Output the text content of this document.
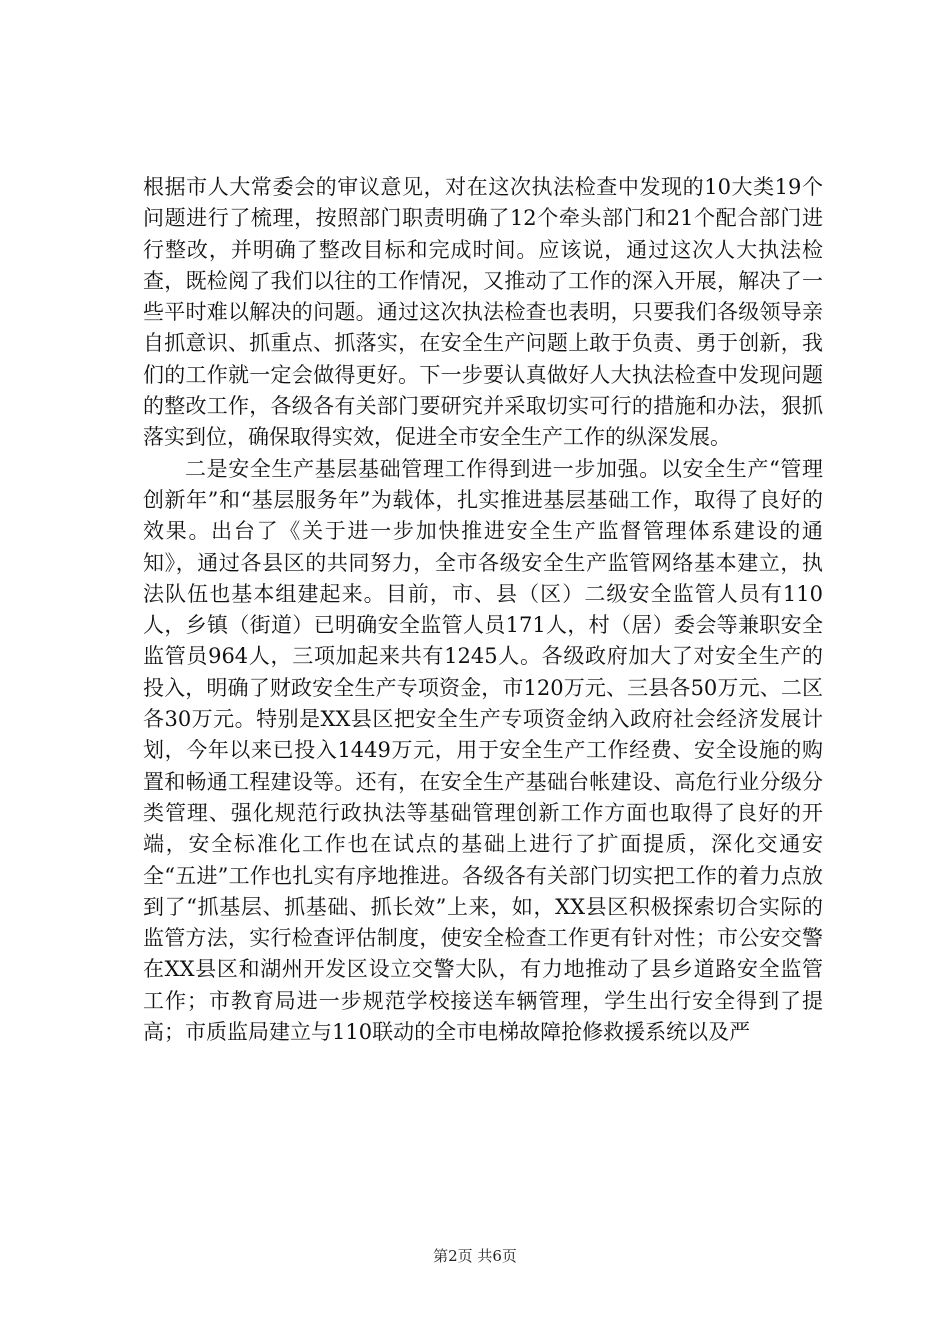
根据市人大常委会的审议意见，对在这次执法检查中发现的10大类19个问题进行了梳理，按照部门职责明确了12个牵头部门和21个配合部门进行整改，并明确了整改目标和完成时间。应该说，通过这次人大执法检查，既检阅了我们以往的工作情况，又推动了工作的深入开展，解决了一些平时难以解决的问题。通过这次执法检查也表明，只要我们各级领导亲自抓意识、抓重点、抓落实，在安全生产问题上敢于负责、勇于创新，我们的工作就一定会做得更好。下一步要认真做好人大执法检查中发现问题的整改工作，各级各有关部门要研究并采取切实可行的措施和办法，狠抓落实到位，确保取得实效，促进全市安全生产工作的纵深发展。

二是安全生产基层基础管理工作得到进一步加强。以安全生产“管理创新年”和“基层服务年”为载体，扎实推进基层基础工作，取得了良好的效果。出台了《关于进一步加快推进安全生产监督管理体系建设的通知》，通过各县区的共同努力，全市各级安全生产监管网络基本建立，执法队伍也基本组建起来。目前，市、县（区）二级安全监管人员有110人，乡镇（街道）已明确安全监管人员171人，村（居）委会等兼职安全监管员964人，三项加起来共有1245人。各级政府加大了对安全生产的投入，明确了财政安全生产专项资金，市120万元、三县各50万元、二区各30万元。特别是XX县区把安全生产专项资金纳入政府社会经济发展计划，今年以来已投入1449万元，用于安全生产工作经费、安全设施的购置和畅通工程建设等。还有，在安全生产基础台帐建设、高危行业分级分类管理、强化规范行政执法等基础管理创新工作方面也取得了良好的开端，安全标准化工作也在试点的基础上进行了扩面提质，深化交通安全“五进”工作也扎实有序地推进。各级各有关部门切实把工作的着力点放到了“抓基层、抓基础、抓长效”上来，如，XX县区积极探索切合实际的监管方法，实行检查评估制度，使安全检查工作更有针对性；市公安交警在XX县区和湖州开发区设立交警大队，有力地推动了县乡道路安全监管工作；市教育局进一步规范学校接送车辆管理，学生出行安全得到了提高；市质监局建立与110联动的全市电梯故障抢修救援系统以及严

第2页 共6页
